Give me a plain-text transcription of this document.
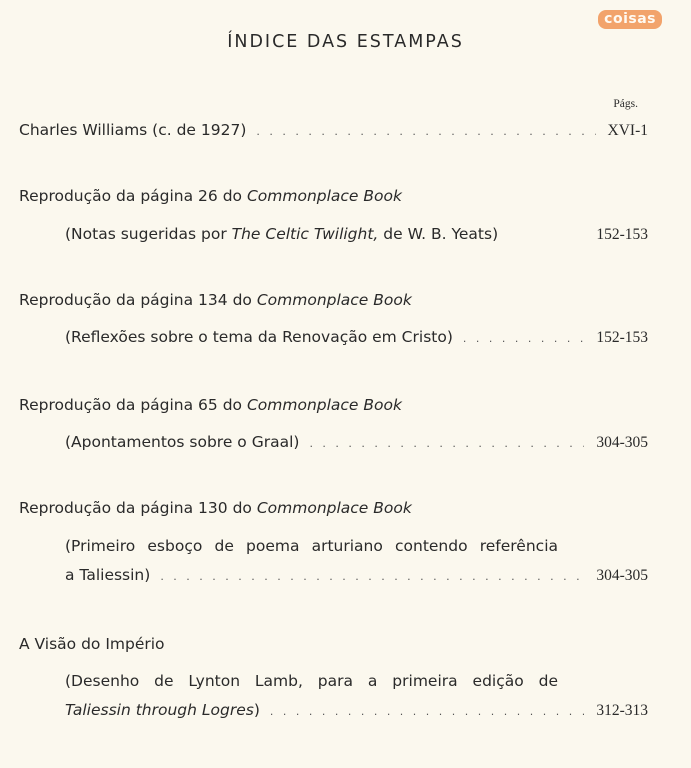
coisas
ÍNDICE DAS ESTAMPAS
Págs.
Charles Williams (c. de 1927) . . .	XVI-1
Reprodução da página 26 do Commonplace Book
(Notas sugeridas por The Celtic Twilight, de W. B. Yeats)	152-153
Reprodução da página 134 do Commonplace Book
(Reflexões sobre o tema da Renovação em Cristo) . . .	152-153
Reprodução da página 65 do Commonplace Book
(Apontamentos sobre o Graal) . . .	304-305
Reprodução da página 130 do Commonplace Book
(Primeiro esboço de poema arturiano contendo referência
a Taliessin) . . .	304-305
A Visão do Império
(Desenho de Lynton Lamb, para a primeira edição de
Taliessin through Logres) . . .	312-313
